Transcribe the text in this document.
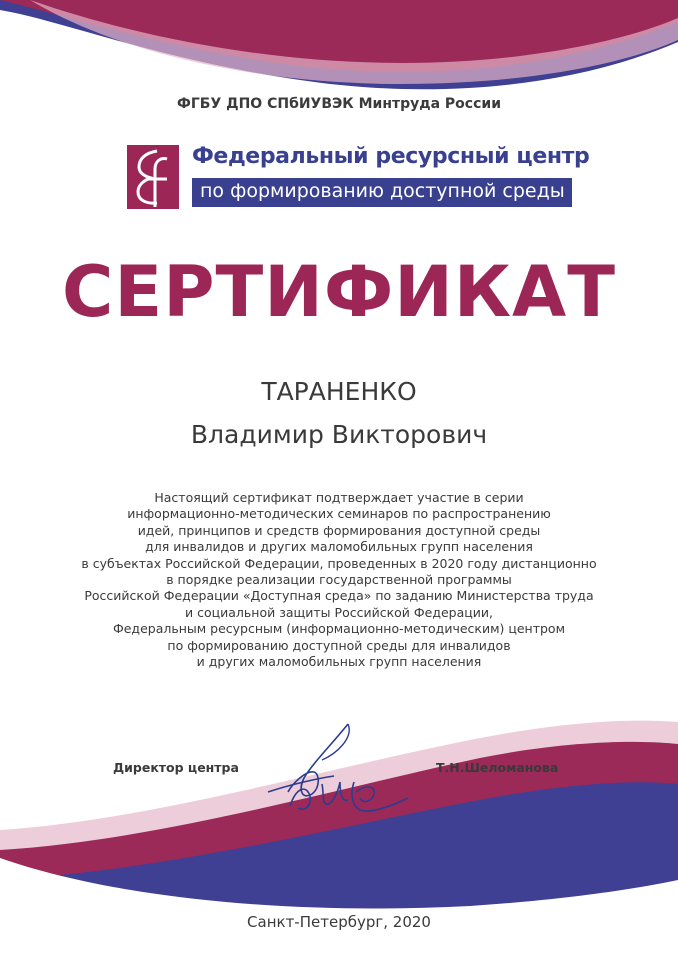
ФГБУ ДПО СПбИУВЭК Минтруда России
Федеральный ресурсный центр
по формированию доступной среды
СЕРТИФИКАТ
ТАРАНЕНКО
Владимир Викторович
Настоящий сертификат подтверждает участие в серии
информационно-методических семинаров по распространению
идей, принципов и средств формирования доступной среды
для инвалидов и других маломобильных групп населения
в субъектах Российской Федерации, проведенных в 2020 году дистанционно
в порядке реализации государственной программы
Российской Федерации «Доступная среда» по заданию Министерства труда
и социальной защиты Российской Федерации,
Федеральным ресурсным (информационно-методическим) центром
по формированию доступной среды для инвалидов
и других маломобильных групп населения
Директор центра	Т.Н.Шеломанова
Санкт-Петербург, 2020
